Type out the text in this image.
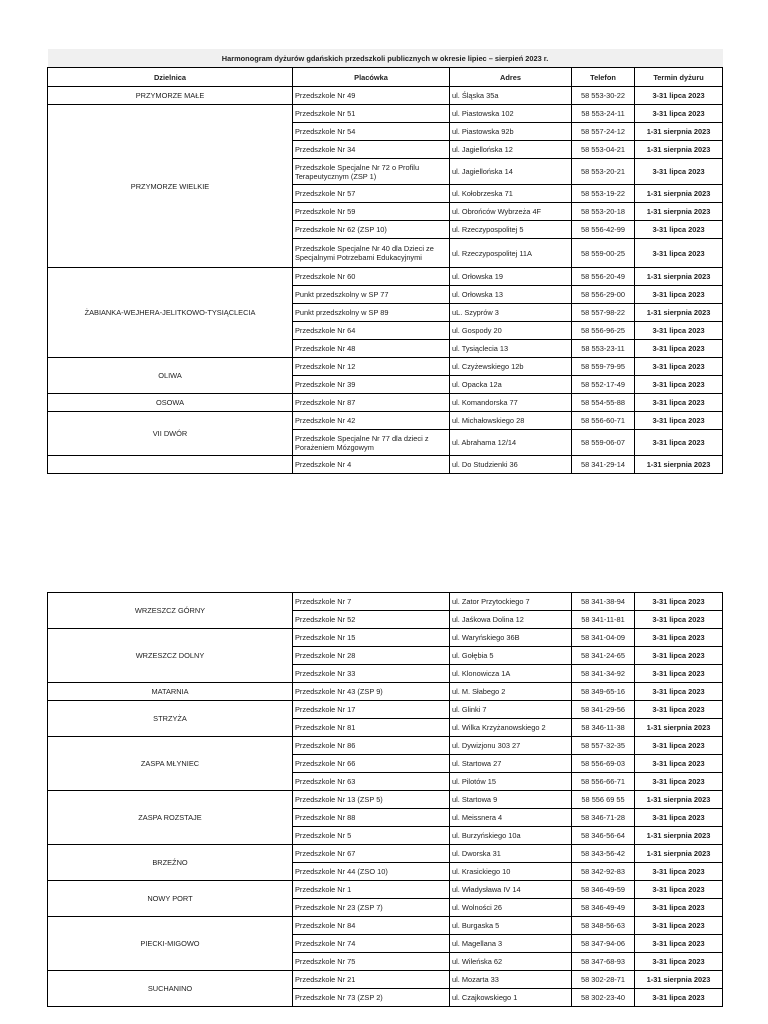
Harmonogram dyżurów gdańskich przedszkoli publicznych w okresie lipiec – sierpień 2023 r.				
Dzielnica	Placówka	Adres	Telefon	Termin dyżuru
PRZYMORZE MAŁE	Przedszkole Nr 49	ul. Śląska 35a	58 553-30-22	3-31 lipca 2023
PRZYMORZE WIELKIE	Przedszkole Nr 51	ul. Piastowska 102	58 553-24-11	3-31 lipca 2023
	Przedszkole Nr 54	ul. Piastowska 92b	58 557-24-12	1-31 sierpnia 2023
	Przedszkole Nr 34	ul. Jagiellońska 12	58 553-04-21	1-31 sierpnia 2023
	Przedszkole Specjalne Nr 72 o Profilu Terapeutycznym (ZSP 1)	ul. Jagiellońska 14	58 553-20-21	3-31 lipca 2023
	Przedszkole Nr 57	ul. Kołobrzeska 71	58 553-19-22	1-31 sierpnia 2023
	Przedszkole Nr 59	ul. Obrońców Wybrzeża 4F	58 553-20-18	1-31 sierpnia 2023
	Przedszkole Nr 62 (ZSP 10)	ul. Rzeczypospolitej 5	58 556-42-99	3-31 lipca 2023
	Przedszkole Specjalne Nr 40 dla Dzieci ze Specjalnymi Potrzebami Edukacyjnymi	ul. Rzeczypospolitej 11A	58 559-00-25	3-31 lipca 2023
ŻABIANKA-WEJHERA-JELITKOWO-TYSIĄCLECIA	Przedszkole Nr 60	ul. Orłowska 19	58 556-20-49	1-31 sierpnia 2023
	Punkt przedszkolny w SP 77	ul. Orłowska 13	58 556-29-00	3-31 lipca 2023
	Punkt przedszkolny w SP 89	uL. Szyprów 3	58 557-98-22	1-31 sierpnia 2023
	Przedszkole Nr 64	ul. Gospody 20	58 556-96-25	3-31 lipca 2023
	Przedszkole Nr 48	ul. Tysiąclecia 13	58 553-23-11	3-31 lipca 2023
OLIWA	Przedszkole Nr 12	ul. Czyżewskiego 12b	58 559-79-95	3-31 lipca 2023
	Przedszkole Nr 39	ul. Opacka 12a	58 552-17-49	3-31 lipca 2023
OSOWA	Przedszkole Nr 87	ul. Komandorska 77	58 554-55-88	3-31 lipca 2023
VII DWÓR	Przedszkole Nr 42	ul. Michałowskiego 28	58 556-60-71	3-31 lipca 2023
	Przedszkole Specjalne Nr 77 dla dzieci z Porażeniem Mózgowym	ul. Abrahama 12/14	58 559-06-07	3-31 lipca 2023
	Przedszkole Nr 4	ul. Do Studzienki 36	58 341-29-14	1-31 sierpnia 2023
WRZESZCZ GÓRNY	Przedszkole Nr 7	ul. Zator Przytockiego 7	58 341-38-94	3-31 lipca 2023
	Przedszkole Nr 52	ul. Jaśkowa Dolina 12	58 341-11-81	3-31 lipca 2023
WRZESZCZ DOLNY	Przedszkole Nr 15	ul. Waryńskiego 36B	58 341-04-09	3-31 lipca 2023
	Przedszkole Nr 28	ul. Gołębia 5	58 341-24-65	3-31 lipca 2023
	Przedszkole Nr 33	ul. Klonowicza 1A	58 341-34-92	3-31 lipca 2023
MATARNIA	Przedszkole Nr 43 (ZSP 9)	ul. M. Słabego 2	58 349-65-16	3-31 lipca 2023
STRZYŻA	Przedszkole Nr 17	ul. Glinki 7	58 341-29-56	3-31 lipca 2023
	Przedszkole Nr 81	ul. Wilka Krzyżanowskiego 2	58 346-11-38	1-31 sierpnia 2023
ZASPA MŁYNIEC	Przedszkole Nr 86	ul. Dywizjonu 303 27	58 557-32-35	3-31 lipca 2023
	Przedszkole Nr 66	ul. Startowa 27	58 556-69-03	3-31 lipca 2023
	Przedszkole Nr 63	ul. Pilotów 15	58 556-66-71	3-31 lipca 2023
ZASPA ROZSTAJE	Przedszkole Nr 13 (ZSP 5)	ul. Startowa 9	58 556 69 55	1-31 sierpnia 2023
	Przedszkole Nr 88	ul. Meissnera 4	58 346-71-28	3-31 lipca 2023
	Przedszkole Nr 5	ul. Burzyńskiego 10a	58 346-56-64	1-31 sierpnia 2023
BRZEŹNO	Przedszkole Nr 67	ul. Dworska 31	58 343-56-42	1-31 sierpnia 2023
	Przedszkole Nr 44 (ZSO 10)	ul. Krasickiego 10	58 342-92-83	3-31 lipca 2023
NOWY PORT	Przedszkole Nr 1	ul. Władysława IV 14	58 346-49-59	3-31 lipca 2023
	Przedszkole Nr 23 (ZSP 7)	ul. Wolności 26	58 346-49-49	3-31 lipca 2023
PIECKI-MIGOWO	Przedszkole Nr 84	ul. Burgaska 5	58 348-56-63	3-31 lipca 2023
	Przedszkole Nr 74	ul. Magellana 3	58 347-94-06	3-31 lipca 2023
	Przedszkole Nr 75	ul. Wileńska 62	58 347-68-93	3-31 lipca 2023
SUCHANINO	Przedszkole Nr 21	ul. Mozarta 33	58 302-28-71	1-31 sierpnia 2023
	Przedszkole Nr 73 (ZSP 2)	ul. Czajkowskiego 1	58 302-23-40	3-31 lipca 2023
